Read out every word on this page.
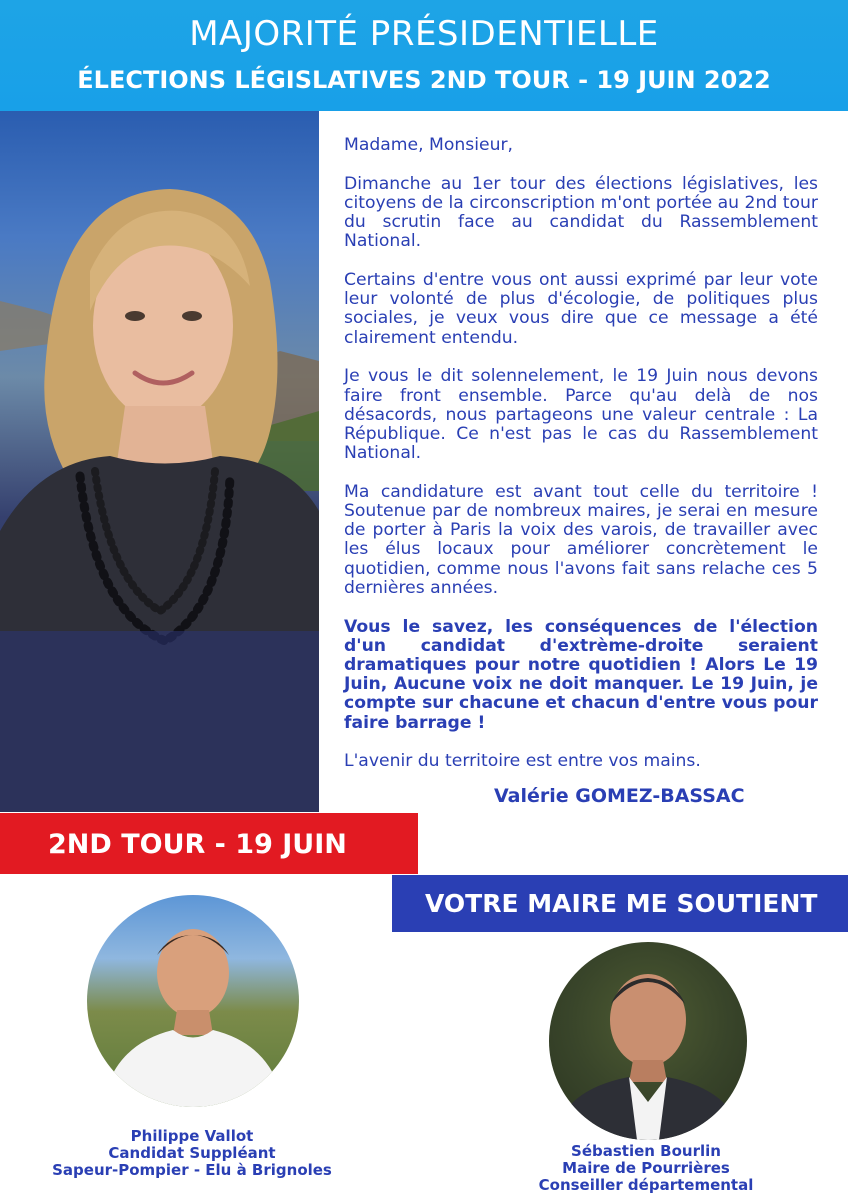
MAJORITÉ PRÉSIDENTIELLE
ÉLECTIONS LÉGISLATIVES 2ND TOUR - 19 JUIN 2022

Madame, Monsieur,

Dimanche au 1er tour des élections législatives, les citoyens de la circonscription m'ont portée au 2nd tour du scrutin face au candidat du Rassemblement National.

Certains d'entre vous ont aussi exprimé par leur vote leur volonté de plus d'écologie, de politiques plus sociales, je veux vous dire que ce message a été clairement entendu.

Je vous le dit solennelement, le 19 Juin nous devons faire front ensemble. Parce qu'au delà de nos désacords, nous partageons une valeur centrale : La République. Ce n'est pas le cas du Rassemblement National.

Ma candidature est avant tout celle du territoire ! Soutenue par de nombreux maires, je serai en mesure de porter à Paris la voix des varois, de travailler avec les élus locaux pour améliorer concrètement le quotidien, comme nous l'avons fait sans relache ces 5 dernières années.

Vous le savez, les conséquences de l'élection d'un candidat d'extrème-droite seraient dramatiques pour notre quotidien ! Alors Le 19 Juin, Aucune voix ne doit manquer. Le 19 Juin, je compte sur chacune et chacun d'entre vous pour faire barrage !

L'avenir du territoire est entre vos mains.

Valérie GOMEZ-BASSAC
2ND TOUR - 19 JUIN
VOTRE MAIRE ME SOUTIENT
Philippe Vallot
Candidat Suppléant
Sapeur-Pompier - Elu à Brignoles
Sébastien Bourlin
Maire de Pourrières
Conseiller départemental
